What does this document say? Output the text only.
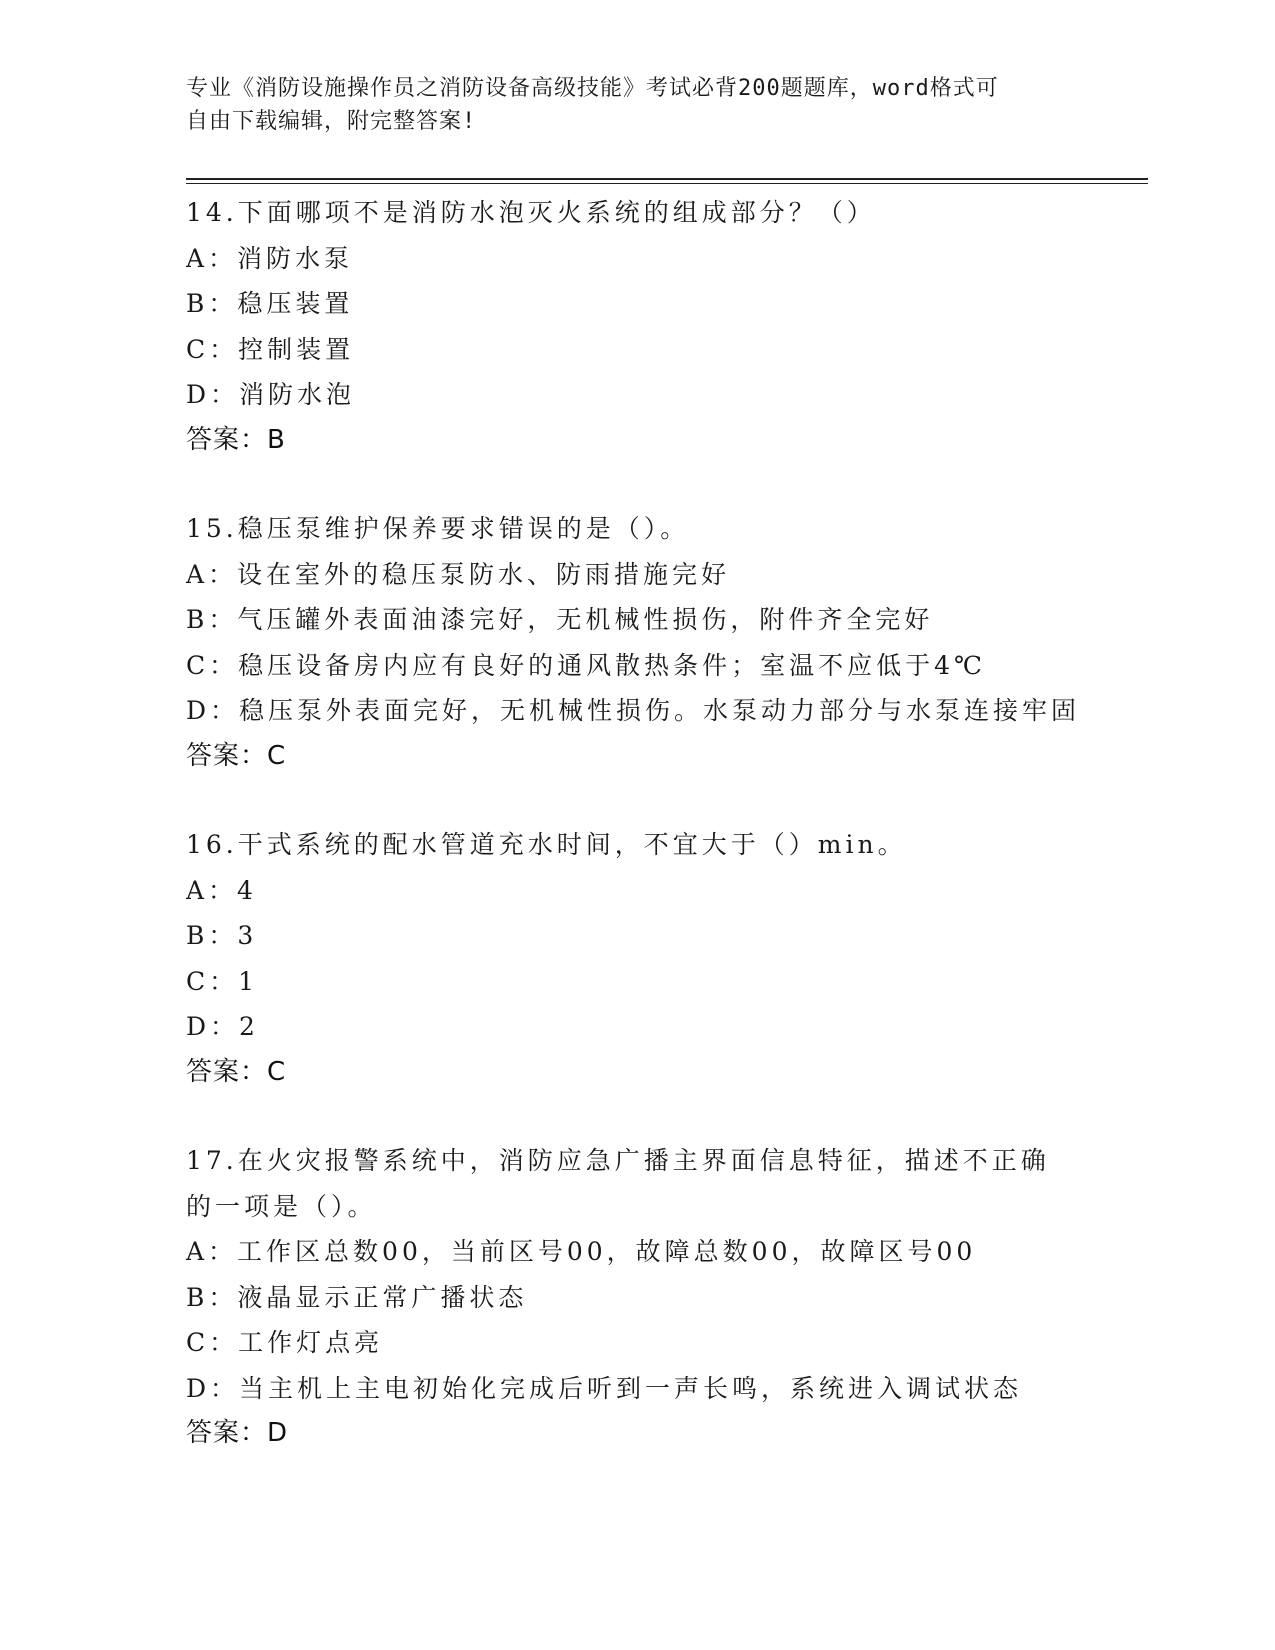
专业《消防设施操作员之消防设备高级技能》考试必背200题题库，word格式可
自由下载编辑，附完整答案!
14.下面哪项不是消防水泡灭火系统的组成部分？（）
A：消防水泵
B：稳压装置
C：控制装置
D：消防水泡
答案：B
15.稳压泵维护保养要求错误的是（）。
A：设在室外的稳压泵防水、防雨措施完好
B：气压罐外表面油漆完好，无机械性损伤，附件齐全完好
C：稳压设备房内应有良好的通风散热条件；室温不应低于4℃
D：稳压泵外表面完好，无机械性损伤。水泵动力部分与水泵连接牢固
答案：C
16.干式系统的配水管道充水时间，不宜大于（）min。
A：4
B：3
C：1
D：2
答案：C
17.在火灾报警系统中，消防应急广播主界面信息特征，描述不正确的一项是（）。
A：工作区总数00，当前区号00，故障总数00，故障区号00
B：液晶显示正常广播状态
C：工作灯点亮
D：当主机上主电初始化完成后听到一声长鸣，系统进入调试状态
答案：D
